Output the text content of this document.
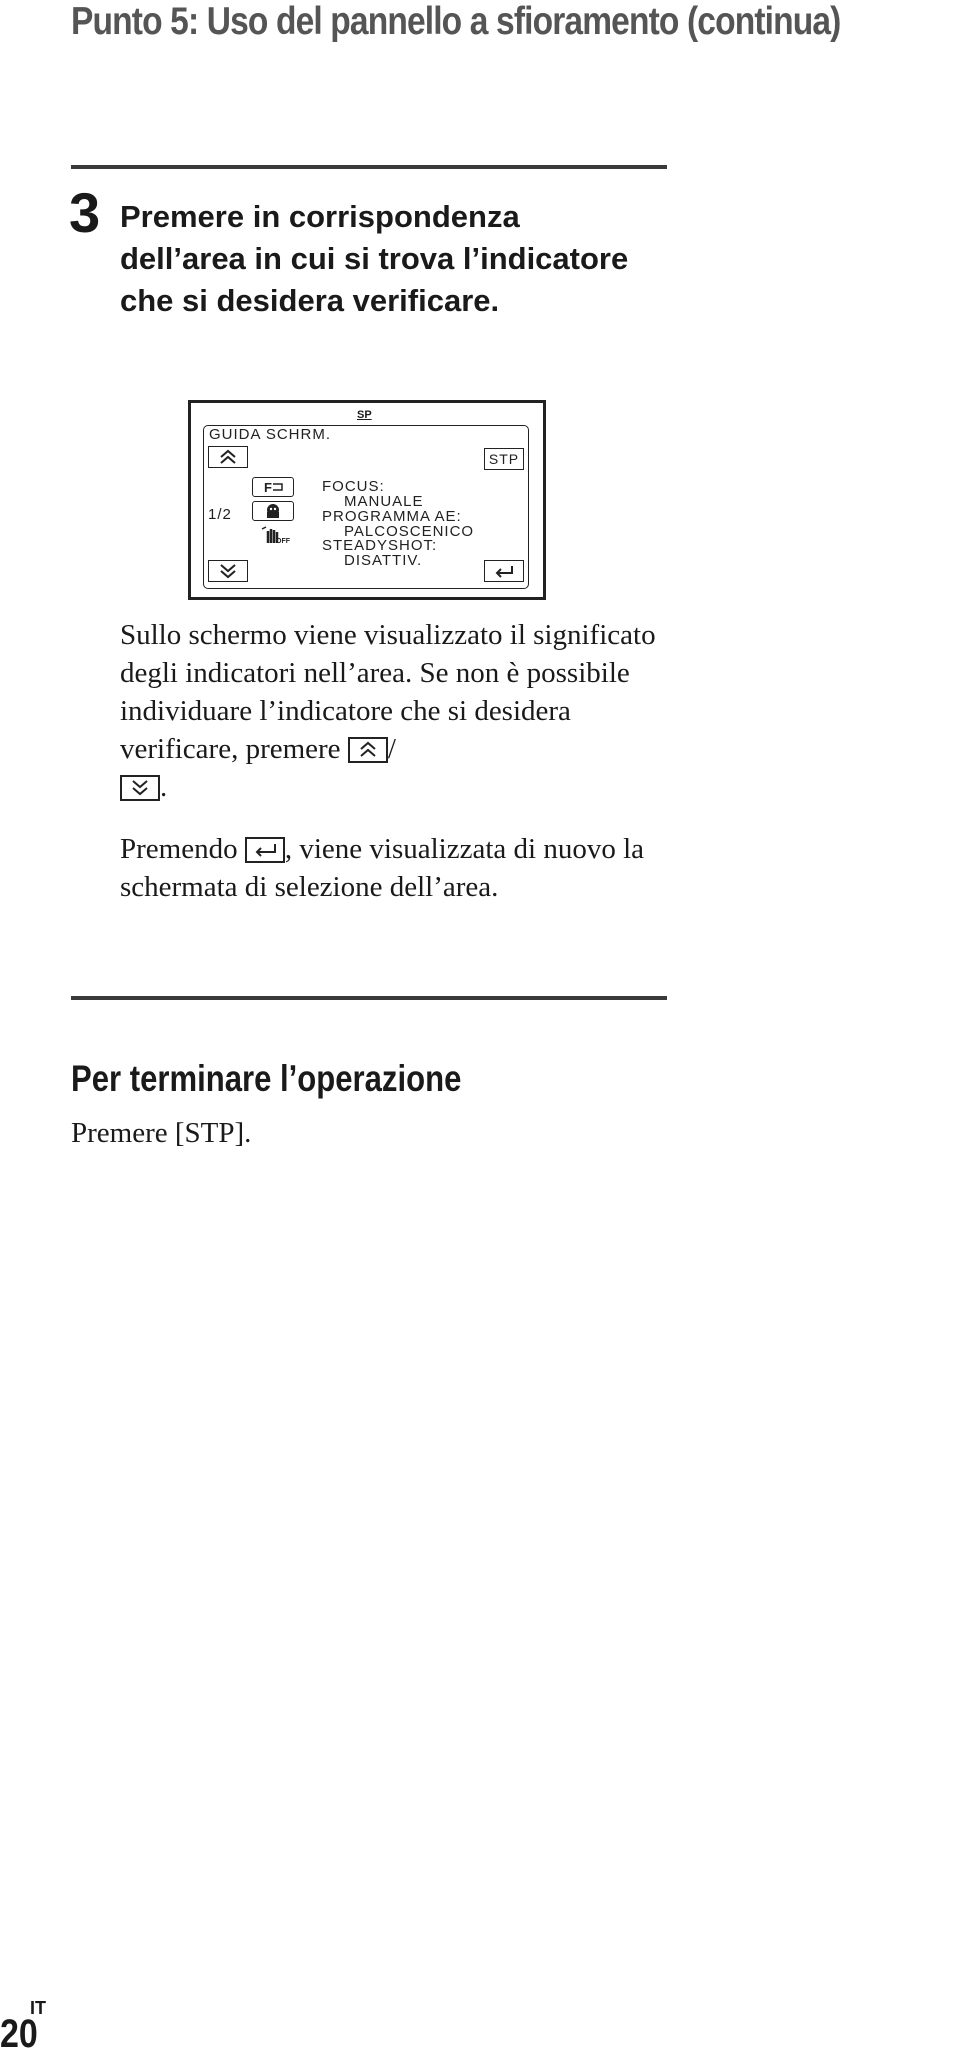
Punto 5: Uso del pannello a sfioramento (continua)
3 Premere in corrispondenza dell’area in cui si trova l’indicatore che si desidera verificare.
SP
GUIDA SCHRM.
STP
1/2
F
OFF
FOCUS:
MANUALE
PROGRAMMA AE:
PALCOSCENICO
STEADYSHOT:
DISATTIV.
Sullo schermo viene visualizzato il significato degli indicatori nell’area. Se non è possibile individuare l’indicatore che si desidera verificare, premere /

.
Premendo , viene visualizzata di nuovo la schermata di selezione dell’area.
Per terminare l’operazione
Premere [STP].
IT
20
